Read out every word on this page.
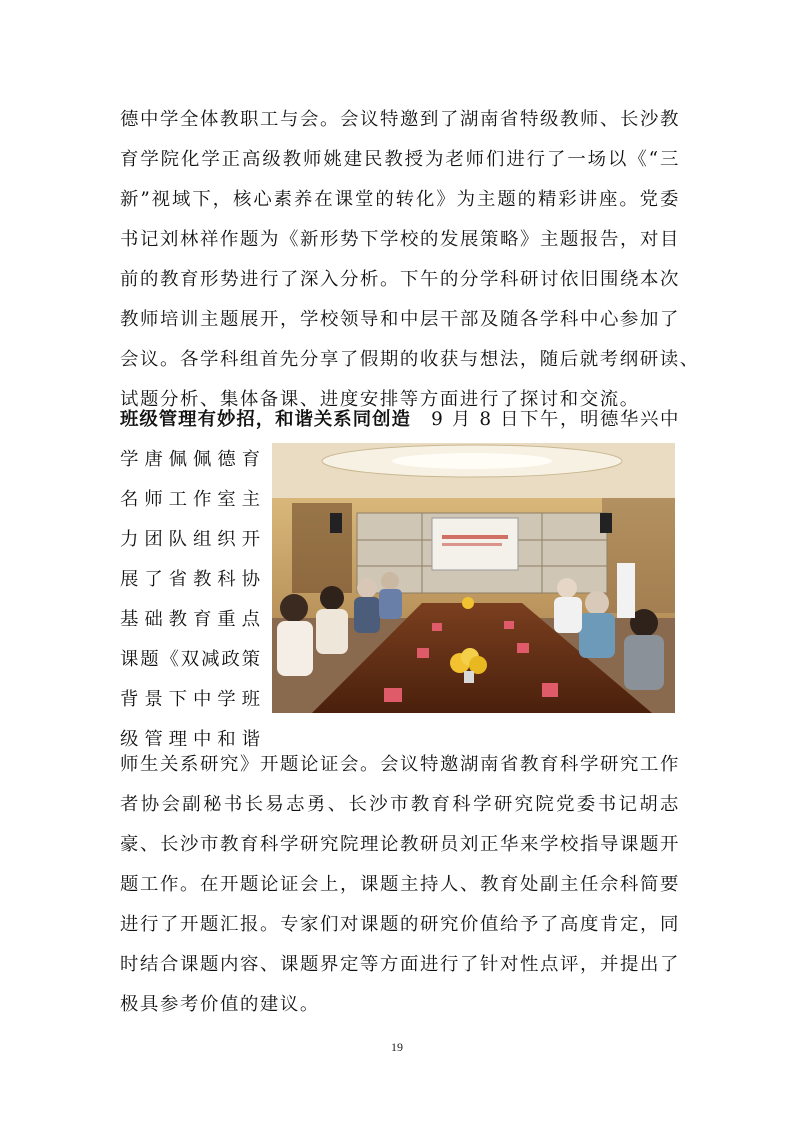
德中学全体教职工与会。会议特邀到了湖南省特级教师、长沙教
育学院化学正高级教师姚建民教授为老师们进行了一场以《“三
新”视域下，核心素养在课堂的转化》为主题的精彩讲座。党委
书记刘林祥作题为《新形势下学校的发展策略》主题报告，对目
前的教育形势进行了深入分析。下午的分学科研讨依旧围绕本次
教师培训主题展开，学校领导和中层干部及随各学科中心参加了
会议。各学科组首先分享了假期的收获与想法，随后就考纲研读、
试题分析、集体备课、进度安排等方面进行了探讨和交流。
班级管理有妙招，和谐关系同创造 9 月 8 日下午，明德华兴中
学唐佩佩德育
名师工作室主
力团队组织开
展了省教科协
基础教育重点
课题《双减政策
背景下中学班
级管理中和谐
师生关系研究》开题论证会。会议特邀湖南省教育科学研究工作
者协会副秘书长易志勇、长沙市教育科学研究院党委书记胡志
豪、长沙市教育科学研究院理论教研员刘正华来学校指导课题开
题工作。在开题论证会上，课题主持人、教育处副主任佘科简要
进行了开题汇报。专家们对课题的研究价值给予了高度肯定，同
时结合课题内容、课题界定等方面进行了针对性点评，并提出了
极具参考价值的建议。
19
